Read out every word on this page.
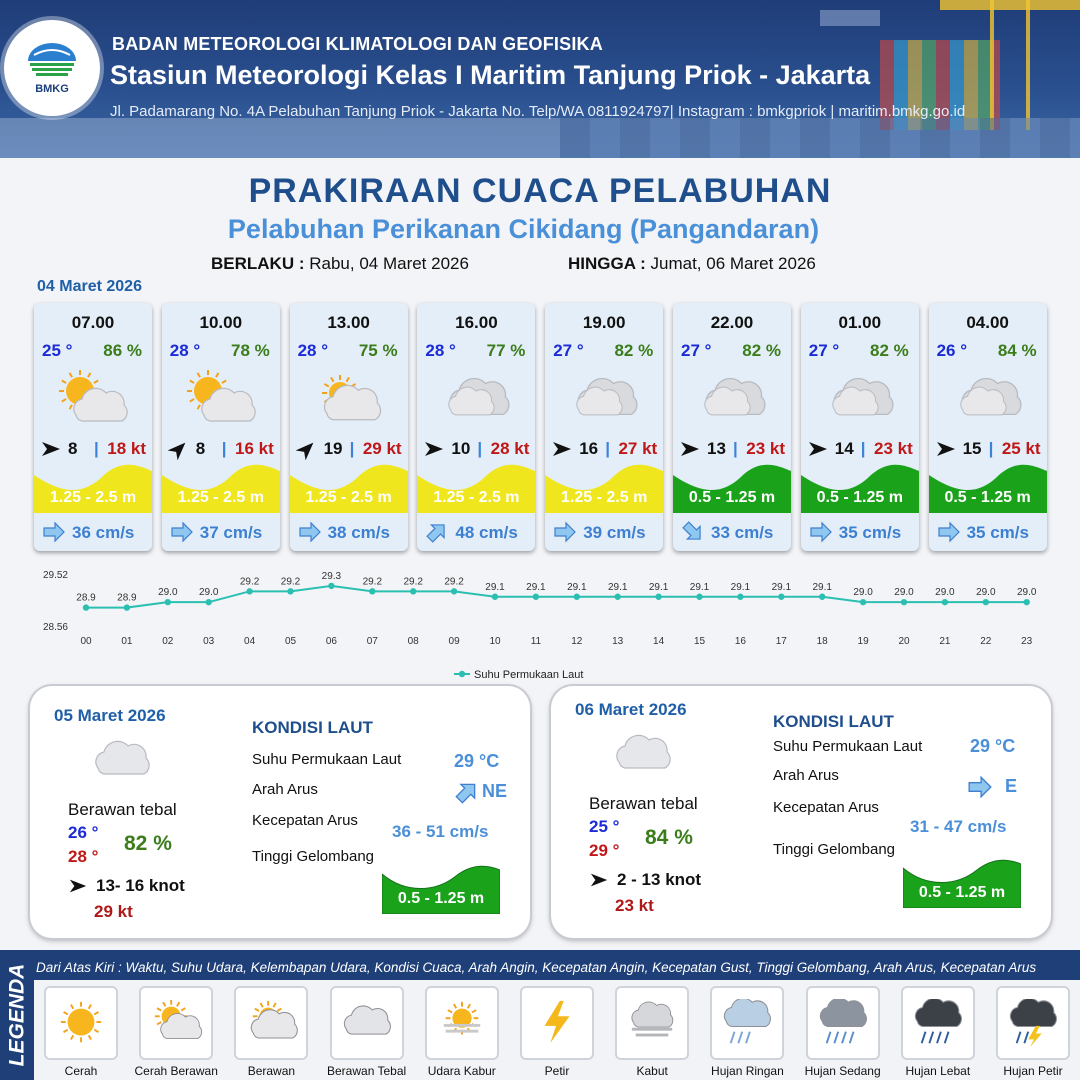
BMKG
BADAN METEOROLOGI KLIMATOLOGI DAN GEOFISIKA
Stasiun Meteorologi Kelas I Maritim Tanjung Priok - Jakarta
Jl. Padamarang No. 4A Pelabuhan Tanjung Priok - Jakarta No. Telp/WA 0811924797| Instagram : bmkgpriok | maritim.bmkg.go.id
PRAKIRAAN CUACA PELABUHAN
Pelabuhan Perikanan Cikidang (Pangandaran)
BERLAKU : Rabu, 04 Maret 2026	HINGGA : Jumat, 06 Maret 2026
04 Maret 2026
07.00
25 ° 86 %
8 | 18 kt
1.25 - 2.5 m
36 cm/s
10.00
28 ° 78 %
8 | 16 kt
1.25 - 2.5 m
37 cm/s
13.00
28 ° 75 %
19 | 29 kt
1.25 - 2.5 m
38 cm/s
16.00
28 ° 77 %
10 | 28 kt
1.25 - 2.5 m
48 cm/s
19.00
27 ° 82 %
16 | 27 kt
1.25 - 2.5 m
39 cm/s
22.00
27 ° 82 %
13 | 23 kt
0.5 - 1.25 m
33 cm/s
01.00
27 ° 82 %
14 | 23 kt
0.5 - 1.25 m
35 cm/s
04.00
26 ° 84 %
15 | 25 kt
0.5 - 1.25 m
35 cm/s
29.52
28.56
28.9
00
28.9
01
29.0
02
29.0
03
29.2
04
29.2
05
29.3
06
29.2
07
29.2
08
29.2
09
29.1
10
29.1
11
29.1
12
29.1
13
29.1
14
29.1
15
29.1
16
29.1
17
29.1
18
29.0
19
29.0
20
29.0
21
29.0
22
29.0
23
Suhu Permukaan Laut
05 Maret 2026
Berawan tebal
26 °
28 °
82 %
13- 16 knot
29 kt
KONDISI LAUT
Suhu Permukaan Laut	29 °C
Arah Arus	NE
Kecepatan Arus
36 - 51 cm/s
Tinggi Gelombang
0.5 - 1.25 m
06 Maret 2026
Berawan tebal
25 °
29 °
84 %
2 - 13 knot
23 kt
KONDISI LAUT
Suhu Permukaan Laut	29 °C
Arah Arus
E
Kecepatan Arus
31 - 47 cm/s
Tinggi Gelombang
0.5 - 1.25 m
LEGENDA Dari Atas Kiri : Waktu, Suhu Udara, Kelembapan Udara, Kondisi Cuaca, Arah Angin, Kecepatan Angin, Kecepatan Gust, Tinggi Gelombang, Arah Arus, Kecepatan Arus
Cerah	Cerah Berawan	Berawan	Berawan Tebal	Udara Kabur	Petir	Kabut	Hujan Ringan	Hujan Sedang	Hujan Lebat	Hujan Petir
